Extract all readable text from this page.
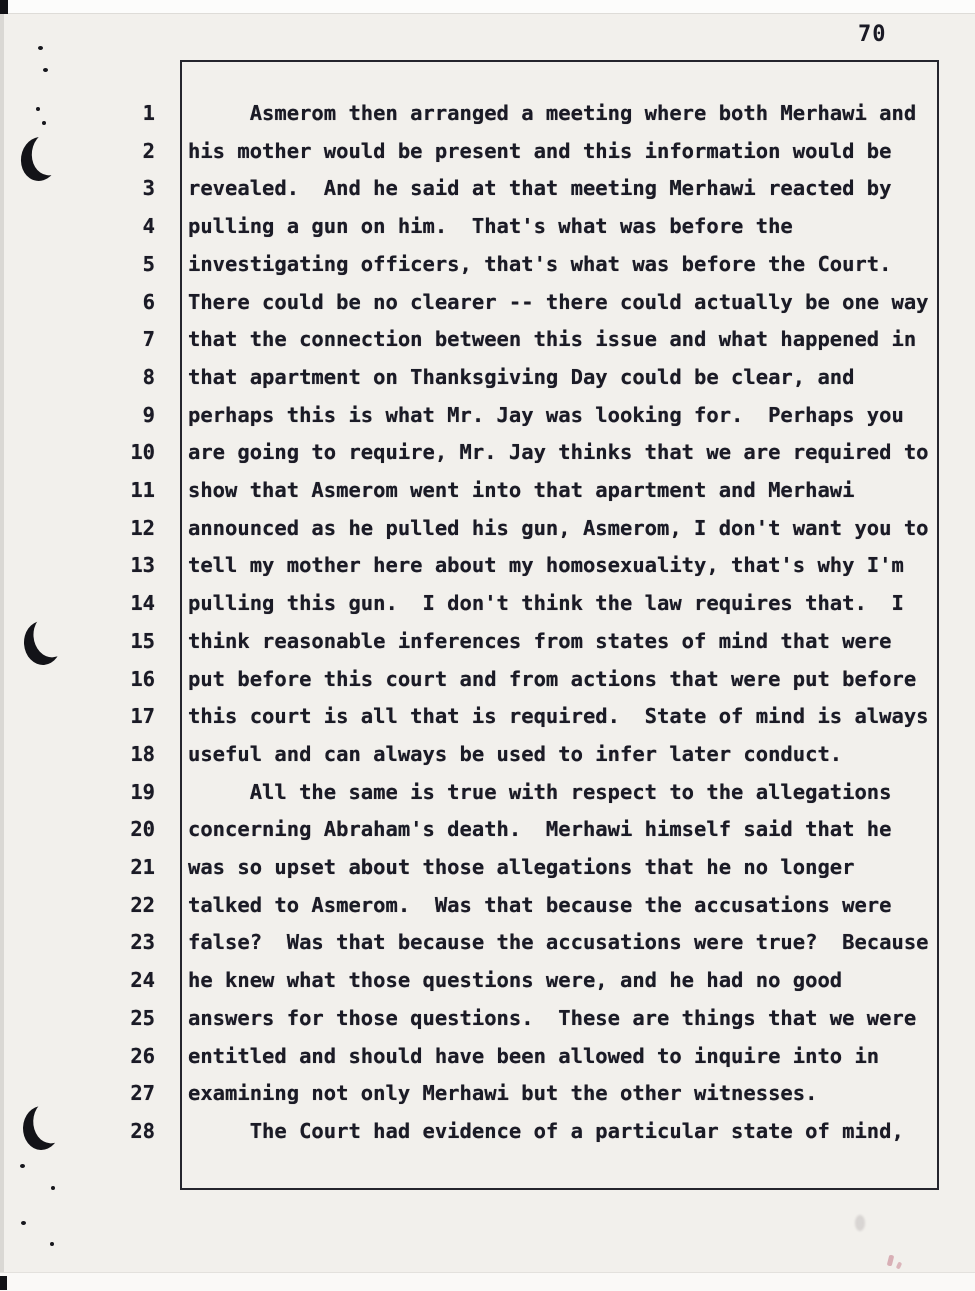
70
1
2
3
4
5
6
7
8
9
10
11
12
13
14
15
16
17
18
19
20
21
22
23
24
25
26
27
28
Asmerom then arranged a meeting where both Merhawi and
his mother would be present and this information would be
revealed.  And he said at that meeting Merhawi reacted by
pulling a gun on him.  That's what was before the
investigating officers, that's what was before the Court.
There could be no clearer -- there could actually be one way
that the connection between this issue and what happened in
that apartment on Thanksgiving Day could be clear, and
perhaps this is what Mr. Jay was looking for.  Perhaps you
are going to require, Mr. Jay thinks that we are required to
show that Asmerom went into that apartment and Merhawi
announced as he pulled his gun, Asmerom, I don't want you to
tell my mother here about my homosexuality, that's why I'm
pulling this gun.  I don't think the law requires that.  I
think reasonable inferences from states of mind that were
put before this court and from actions that were put before
this court is all that is required.  State of mind is always
useful and can always be used to infer later conduct.
All the same is true with respect to the allegations
concerning Abraham's death.  Merhawi himself said that he
was so upset about those allegations that he no longer
talked to Asmerom.  Was that because the accusations were
false?  Was that because the accusations were true?  Because
he knew what those questions were, and he had no good
answers for those questions.  These are things that we were
entitled and should have been allowed to inquire into in
examining not only Merhawi but the other witnesses.
The Court had evidence of a particular state of mind,
